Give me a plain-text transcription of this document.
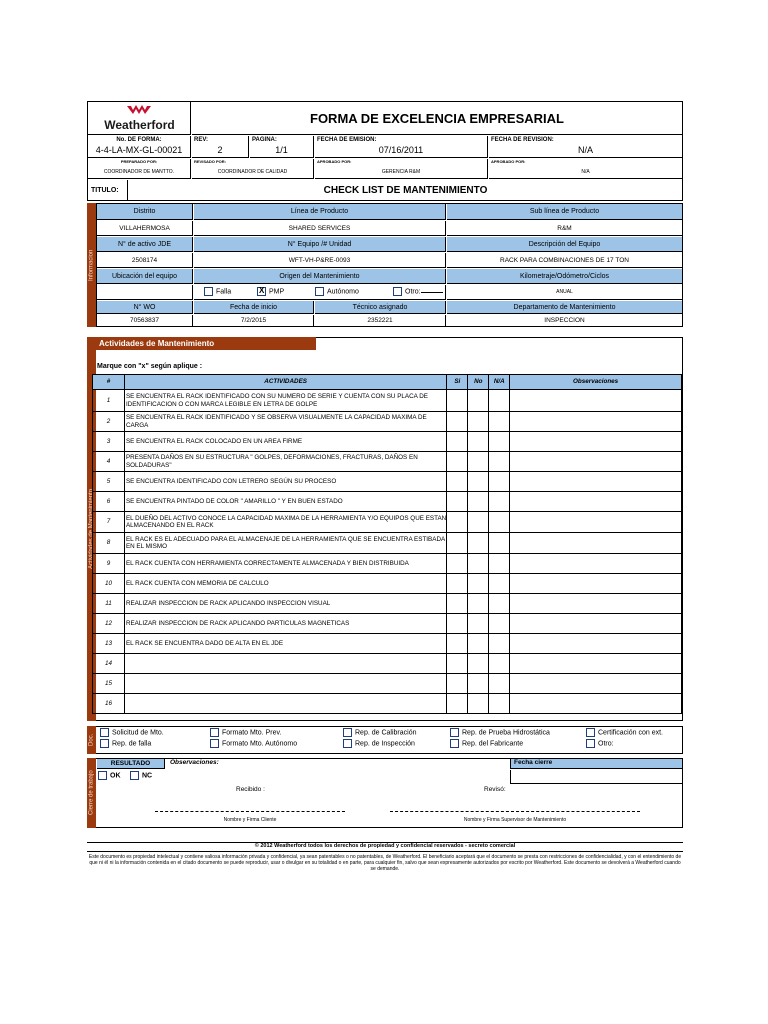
Weatherford	FORMA DE EXCELENCIA EMPRESARIAL
No. DE FORMA:
4-4-LA-MX-GL-00021
REV:
2
PAGINA:
1/1
FECHA DE EMISION:
07/16/2011
FECHA DE REVISION:
N/A
PREPARADO POR:
COORDINADOR DE MANTTO.
REVISADO POR:
COORDINADOR DE CALIDAD
APROBADO POR:
GERENCIA R&M
APROBADO POR:
N/A
TITULO:	CHECK LIST DE MANTENIMIENTO
Informacion
Distrito	Línea de Producto	Sub línea de Producto
VILLAHERMOSA	SHARED SERVICES	R&M
N° de activo JDE	N° Equipo /# Unidad	Descripción del Equipo
2508174	WFT-VH-P&RE-0093	RACK PARA COMBINACIONES DE 17 TON
Ubicación del equipo	Origen del Mantenimiento	Kilometraje/Odómetro/Ciclos
Falla X	PMP	Autónomo	Otro:	ANUAL
N° WO	Fecha de inicio	Técnico asignado	Departamento de Mantenimiento
70563837	7/2/2015	2352221	INSPECCION
Actividades de Mantenimiento
Actividades de Mantenimiento
Marque con "x" según aplique :
#	ACTIVIDADES	Si	No	N/A	Observaciones
1	SE ENCUENTRA EL RACK IDENTIFICADO CON SU NUMERO DE SERIE Y CUENTA CON SU PLACA DE IDENTIFICACION O CON MARCA LEGIBLE EN LETRA DE GOLPE				
2	SE ENCUENTRA EL RACK IDENTIFICADO Y SE OBSERVA VISUALMENTE LA CAPACIDAD MAXIMA DE CARGA				
3	SE ENCUENTRA EL RACK COLOCADO EN UN AREA FIRME				
4	PRESENTA DAÑOS EN SU ESTRUCTURA " GOLPES, DEFORMACIONES, FRACTURAS, DAÑOS EN SOLDADURAS"				
5	SE ENCUENTRA IDENTIFICADO CON LETRERO SEGÚN SU PROCESO				
6	SE ENCUENTRA PINTADO DE COLOR " AMARILLO " Y EN BUEN ESTADO				
7	EL DUEÑO DEL ACTIVO CONOCE LA CAPACIDAD MAXIMA DE LA HERRAMIENTA Y/O EQUIPOS QUE ESTAN ALMACENANDO EN EL RACK				
8	EL RACK ES EL ADECUADO PARA EL ALMACENAJE DE LA HERRAMIENTA QUE SE ENCUENTRA ESTIBADA EN EL MISMO				
9	EL RACK CUENTA CON HERRAMIENTA CORRECTAMENTE ALMACENADA Y BIEN DISTRIBUIDA				
10	EL RACK CUENTA CON MEMORIA DE CALCULO				
11	REALIZAR INSPECCION DE RACK APLICANDO INSPECCION VISUAL				
12	REALIZAR INSPECCION DE RACK APLICANDO PARTICULAS MAGNETICAS				
13	EL RACK SE ENCUENTRA DADO DE ALTA EN EL JDE				
14					
15					
16					
Doc.
Solicitud de Mto.	Formato Mto. Prev.	Rep. de Calibración	Rep. de Prueba Hidrostática	Certificación con ext.
Rep. de falla	Formato Mto. Autónomo	Rep. de Inspección	Rep. del Fabricante	Otro:
Cierre de trabajo
RESULTADO	Observaciones:	Fecha cierre
OK	NC
Recibido :	Revisó:
Nombre y Firma Cliente	Nombre y Firma Supervisor de Mantenimiento
© 2012 Weatherford todos los derechos de propiedad y confidencial reservados - secreto comercial
Este documento es propiedad intelectual y contiene valiosa información privada y confidencial, ya sean patentables o no patentables, de Weatherford. El beneficiario aceptará que el documento se presta con restricciones de confidencialidad, y con el entendimiento de que ni él ni la información contenida en el citado documento se puede reproducir, usar o divulgar en su totalidad o en parte, para cualquier fin, salvo que sean expresamente autorizados por escrito por Weatherford. Este documento se devolverá a Weatherford cuando se demande.
